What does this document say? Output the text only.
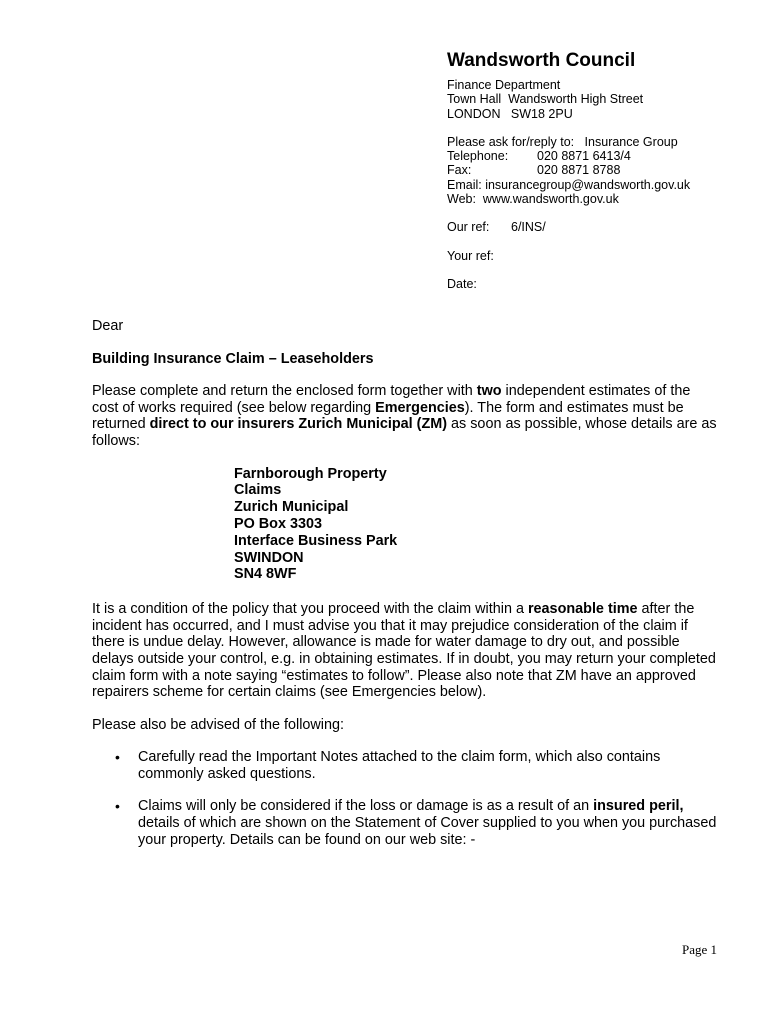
Wandsworth Council
Finance Department
Town Hall  Wandsworth High Street
LONDON   SW18 2PU
Please ask for/reply to:   Insurance Group
Telephone:	020 8871 6413/4
Fax:	020 8871 8788
Email: insurancegroup@wandsworth.gov.uk
Web:  www.wandsworth.gov.uk
Our ref:	6/INS/
Your ref:
Date:

Dear

Building Insurance Claim – Leaseholders

Please complete and return the enclosed form together with two independent estimates of the cost of works required (see below regarding Emergencies). The form and estimates must be returned direct to our insurers Zurich Municipal (ZM) as soon as possible, whose details are as follows:

Farnborough Property
Claims
Zurich Municipal
PO Box 3303
Interface Business Park
SWINDON
SN4 8WF

It is a condition of the policy that you proceed with the claim within a reasonable time after the incident has occurred, and I must advise you that it may prejudice consideration of the claim if there is undue delay. However, allowance is made for water damage to dry out, and possible delays outside your control, e.g. in obtaining estimates. If in doubt, you may return your completed claim form with a note saying “estimates to follow”. Please also note that ZM have an approved repairers scheme for certain claims (see Emergencies below).

Please also be advised of the following:

• Carefully read the Important Notes attached to the claim form, which also contains commonly asked questions.
• Claims will only be considered if the loss or damage is as a result of an insured peril, details of which are shown on the Statement of Cover supplied to you when you purchased your property. Details can be found on our web site: -
Page 1
